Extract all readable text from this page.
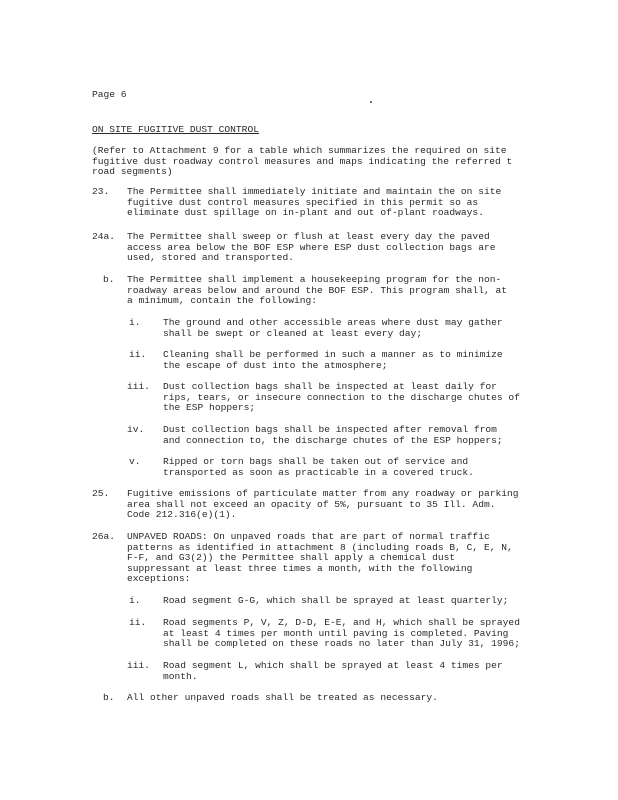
Page 6
ON SITE FUGITIVE DUST CONTROL
(Refer to Attachment 9 for a table which summarizes the required on site
fugitive dust roadway control measures and maps indicating the referred t
road segments)
23. The Permittee shall immediately initiate and maintain the on site
fugitive dust control measures specified in this permit so as
eliminate dust spillage on in-plant and out of-plant roadways.
24a. The Permittee shall sweep or flush at least every day the paved
access area below the BOF ESP where ESP dust collection bags are
used, stored and transported.
b. The Permittee shall implement a housekeeping program for the non-
roadway areas below and around the BOF ESP. This program shall, at
a minimum, contain the following:
i. The ground and other accessible areas where dust may gather
shall be swept or cleaned at least every day;
ii. Cleaning shall be performed in such a manner as to minimize
the escape of dust into the atmosphere;
iii. Dust collection bags shall be inspected at least daily for
rips, tears, or insecure connection to the discharge chutes of
the ESP hoppers;
iv. Dust collection bags shall be inspected after removal from
and connection to, the discharge chutes of the ESP hoppers;
v. Ripped or torn bags shall be taken out of service and
transported as soon as practicable in a covered truck.
25. Fugitive emissions of particulate matter from any roadway or parking
area shall not exceed an opacity of 5%, pursuant to 35 Ill. Adm.
Code 212.316(e)(1).
26a. UNPAVED ROADS: On unpaved roads that are part of normal traffic
patterns as identified in attachment 8 (including roads B, C, E, N,
F-F, and G3(2)) the Permittee shall apply a chemical dust
suppressant at least three times a month, with the following
exceptions:
i. Road segment G-G, which shall be sprayed at least quarterly;
ii. Road segments P, V, Z, D-D, E-E, and H, which shall be sprayed
at least 4 times per month until paving is completed. Paving
shall be completed on these roads no later than July 31, 1996;
iii. Road segment L, which shall be sprayed at least 4 times per
month.
b. All other unpaved roads shall be treated as necessary.
